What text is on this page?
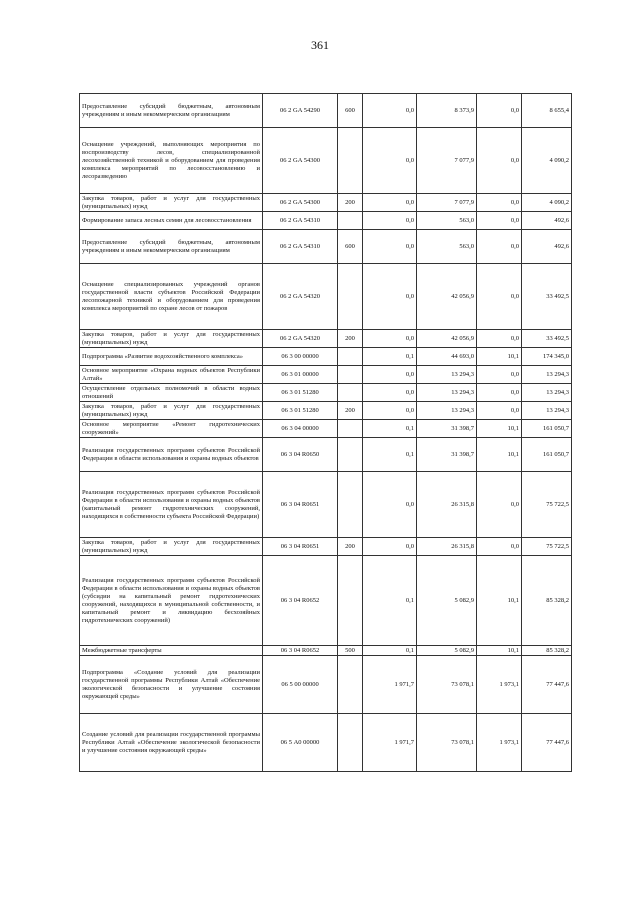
361
Предоставление субсидий бюджетным, автономным учреждениям и иным некоммерческим организациям	06 2 GA 54290	600	0,0	8 373,9	0,0	8 655,4
Оснащение учреждений, выполняющих мероприятия по воспроизводству лесов, специализированной лесохозяйственной техникой и оборудованием для проведения комплекса мероприятий по лесовосстановлению и лесоразведению	06 2 GA 54300		0,0	7 077,9	0,0	4 090,2
Закупка товаров, работ и услуг для государственных (муниципальных) нужд	06 2 GA 54300	200	0,0	7 077,9	0,0	4 090,2
Формирование запаса лесных семян для лесовосстановления	06 2 GA 54310		0,0	563,0	0,0	492,6
Предоставление субсидий бюджетным, автономным учреждениям и иным некоммерческим организациям	06 2 GA 54310	600	0,0	563,0	0,0	492,6
Оснащение специализированных учреждений органов государственной власти субъектов Российской Федерации лесопожарной техникой и оборудованием для проведения комплекса мероприятий по охране лесов от пожаров	06 2 GA 54320		0,0	42 056,9	0,0	33 492,5
Закупка товаров, работ и услуг для государственных (муниципальных) нужд	06 2 GA 54320	200	0,0	42 056,9	0,0	33 492,5
Подпрограмма «Развитие водохозяйственного комплекса»	06 3 00 00000		0,1	44 693,0	10,1	174 345,0
Основное мероприятие «Охрана водных объектов Республики Алтай»	06 3 01 00000		0,0	13 294,3	0,0	13 294,3
Осуществление отдельных полномочий в области водных отношений	06 3 01 51280		0,0	13 294,3	0,0	13 294,3
Закупка товаров, работ и услуг для государственных (муниципальных) нужд	06 3 01 51280	200	0,0	13 294,3	0,0	13 294,3
Основное мероприятие «Ремонт гидротехнических сооружений»	06 3 04 00000		0,1	31 398,7	10,1	161 050,7
Реализация государственных программ субъектов Российской Федерации в области использования и охраны водных объектов	06 3 04 R0650		0,1	31 398,7	10,1	161 050,7
Реализация государственных программ субъектов Российской Федерации в области использования и охраны водных объектов (капитальный ремонт гидротехнических сооружений, находящихся в собственности субъекта Российской Федерации)	06 3 04 R0651		0,0	26 315,8	0,0	75 722,5
Закупка товаров, работ и услуг для государственных (муниципальных) нужд	06 3 04 R0651	200	0,0	26 315,8	0,0	75 722,5
Реализация государственных программ субъектов Российской Федерации в области использования и охраны водных объектов (субсидии на капитальный ремонт гидротехнических сооружений, находящихся в муниципальной собственности, и капитальный ремонт и ликвидацию бесхозяйных гидротехнических сооружений)	06 3 04 R0652		0,1	5 082,9	10,1	85 328,2
Межбюджетные трансферты	06 3 04 R0652	500	0,1	5 082,9	10,1	85 328,2
Подпрограмма «Создание условий для реализации государственной программы Республики Алтай «Обеспечение экологической безопасности и улучшение состояния окружающей среды»	06 5 00 00000		1 971,7	73 078,1	1 973,1	77 447,6
Создание условий для реализации государственной программы Республики Алтай «Обеспечение экологической безопасности и улучшение состояния окружающей среды»	06 5 А0 00000		1 971,7	73 078,1	1 973,1	77 447,6
